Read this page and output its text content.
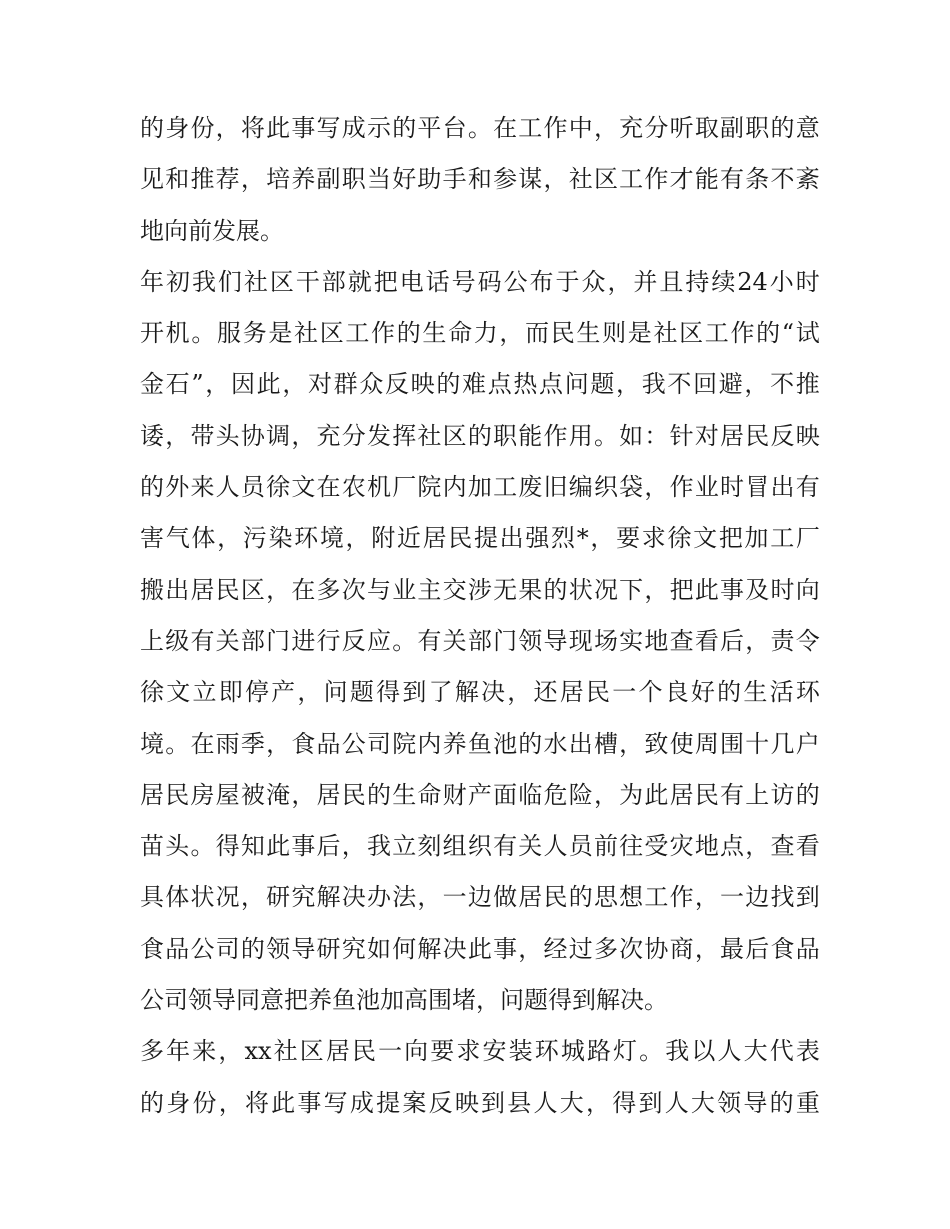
的 身 份 ， 将 此 事 写 成 示 的 平 台 。 在 工 作 中 ， 充 分 听 取 副 职 的 意
见 和 推 荐 ， 培 养 副 职 当 好 助 手 和 参 谋 ， 社 区 工 作 才 能 有 条 不 紊
地向前发展。
年 初 我 们 社 区 干 部 就 把 电 话 号 码 公 布 于 众 ， 并 且 持 续 24 小 时
开 机 。 服 务 是 社 区 工 作 的 生 命 力 ， 而 民 生 则 是 社 区 工 作 的 “ 试
金 石 ” ， 因 此 ， 对 群 众 反 映 的 难 点 热 点 问 题 ， 我 不 回 避 ， 不 推
诿 ， 带 头 协 调 ， 充 分 发 挥 社 区 的 职 能 作 用 。 如 ： 针 对 居 民 反 映
的 外 来 人 员 徐 文 在 农 机 厂 院 内 加 工 废 旧 编 织 袋 ， 作 业 时 冒 出 有
害 气 体 ， 污 染 环 境 ， 附 近 居 民 提 出 强 烈 * ， 要 求 徐 文 把 加 工 厂
搬 出 居 民 区 ， 在 多 次 与 业 主 交 涉 无 果 的 状 况 下 ， 把 此 事 及 时 向
上 级 有 关 部 门 进 行 反 应 。 有 关 部 门 领 导 现 场 实 地 查 看 后 ， 责 令
徐 文 立 即 停 产 ， 问 题 得 到 了 解 决 ， 还 居 民 一 个 良 好 的 生 活 环
境 。 在 雨 季 ， 食 品 公 司 院 内 养 鱼 池 的 水 出 槽 ， 致 使 周 围 十 几 户
居 民 房 屋 被 淹 ， 居 民 的 生 命 财 产 面 临 危 险 ， 为 此 居 民 有 上 访 的
苗 头 。 得 知 此 事 后 ， 我 立 刻 组 织 有 关 人 员 前 往 受 灾 地 点 ， 查 看
具 体 状 况 ， 研 究 解 决 办 法 ， 一 边 做 居 民 的 思 想 工 作 ， 一 边 找 到
食 品 公 司 的 领 导 研 究 如 何 解 决 此 事 ， 经 过 多 次 协 商 ， 最 后 食 品
公司领导同意把养鱼池加高围堵，问题得到解决。
多 年 来 ， xx 社 区 居 民 一 向 要 求 安 装 环 城 路 灯 。 我 以 人 大 代 表
的 身 份 ， 将 此 事 写 成 提 案 反 映 到 县 人 大 ， 得 到 人 大 领 导 的 重
